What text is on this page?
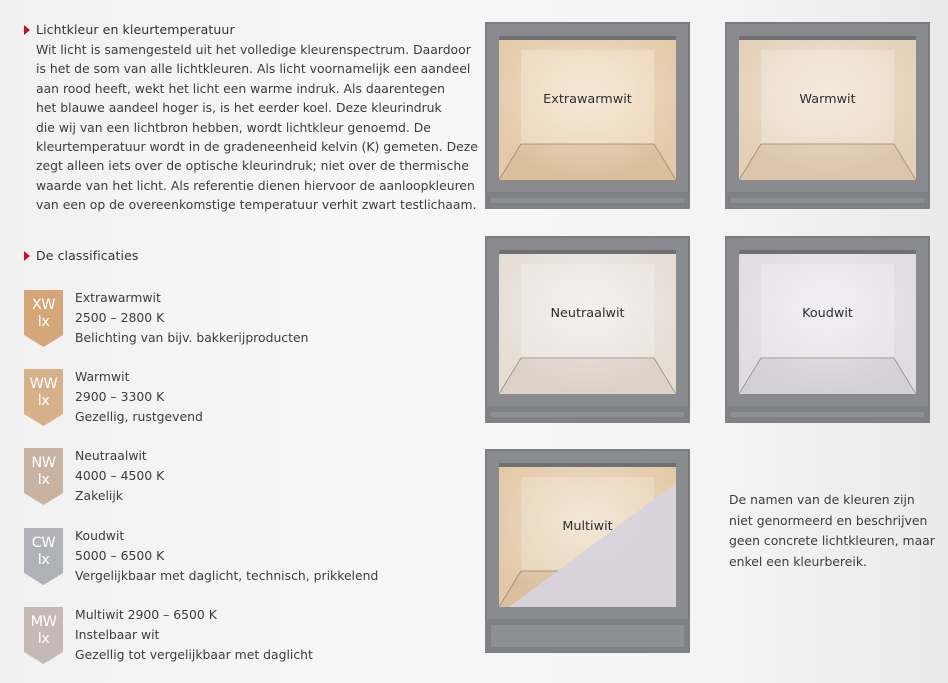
Lichtkleur en kleurtemperatuur
Wit licht is samengesteld uit het volledige kleurenspectrum. Daardoor
is het de som van alle lichtkleuren. Als licht voornamelijk een aandeel
aan rood heeft, wekt het licht een warme indruk. Als daarentegen
het blauwe aandeel hoger is, is het eerder koel. Deze kleurindruk
die wij van een lichtbron hebben, wordt lichtkleur genoemd. De
kleurtemperatuur wordt in de gradeneenheid kelvin (K) gemeten. Deze
zegt alleen iets over de optische kleurindruk; niet over de thermische
waarde van het licht. Als referentie dienen hiervoor de aanloopkleuren
van een op de overeenkomstige temperatuur verhit zwart testlichaam.
De classificaties
XW
lx
Extrawarmwit
2500 – 2800 K
Belichting van bijv. bakkerijproducten
WW
lx
Warmwit
2900 – 3300 K
Gezellig, rustgevend
NW
lx
Neutraalwit
4000 – 4500 K
Zakelijk
CW
lx
Koudwit
5000 – 6500 K
Vergelijkbaar met daglicht, technisch, prikkelend
MW
lx
Multiwit 2900 – 6500 K
Instelbaar wit
Gezellig tot vergelijkbaar met daglicht
Extrawarmwit	Warmwit
Neutraalwit	Koudwit
Multiwit
De namen van de kleuren zijn
niet genormeerd en beschrijven
geen concrete lichtkleuren, maar
enkel een kleurbereik.
